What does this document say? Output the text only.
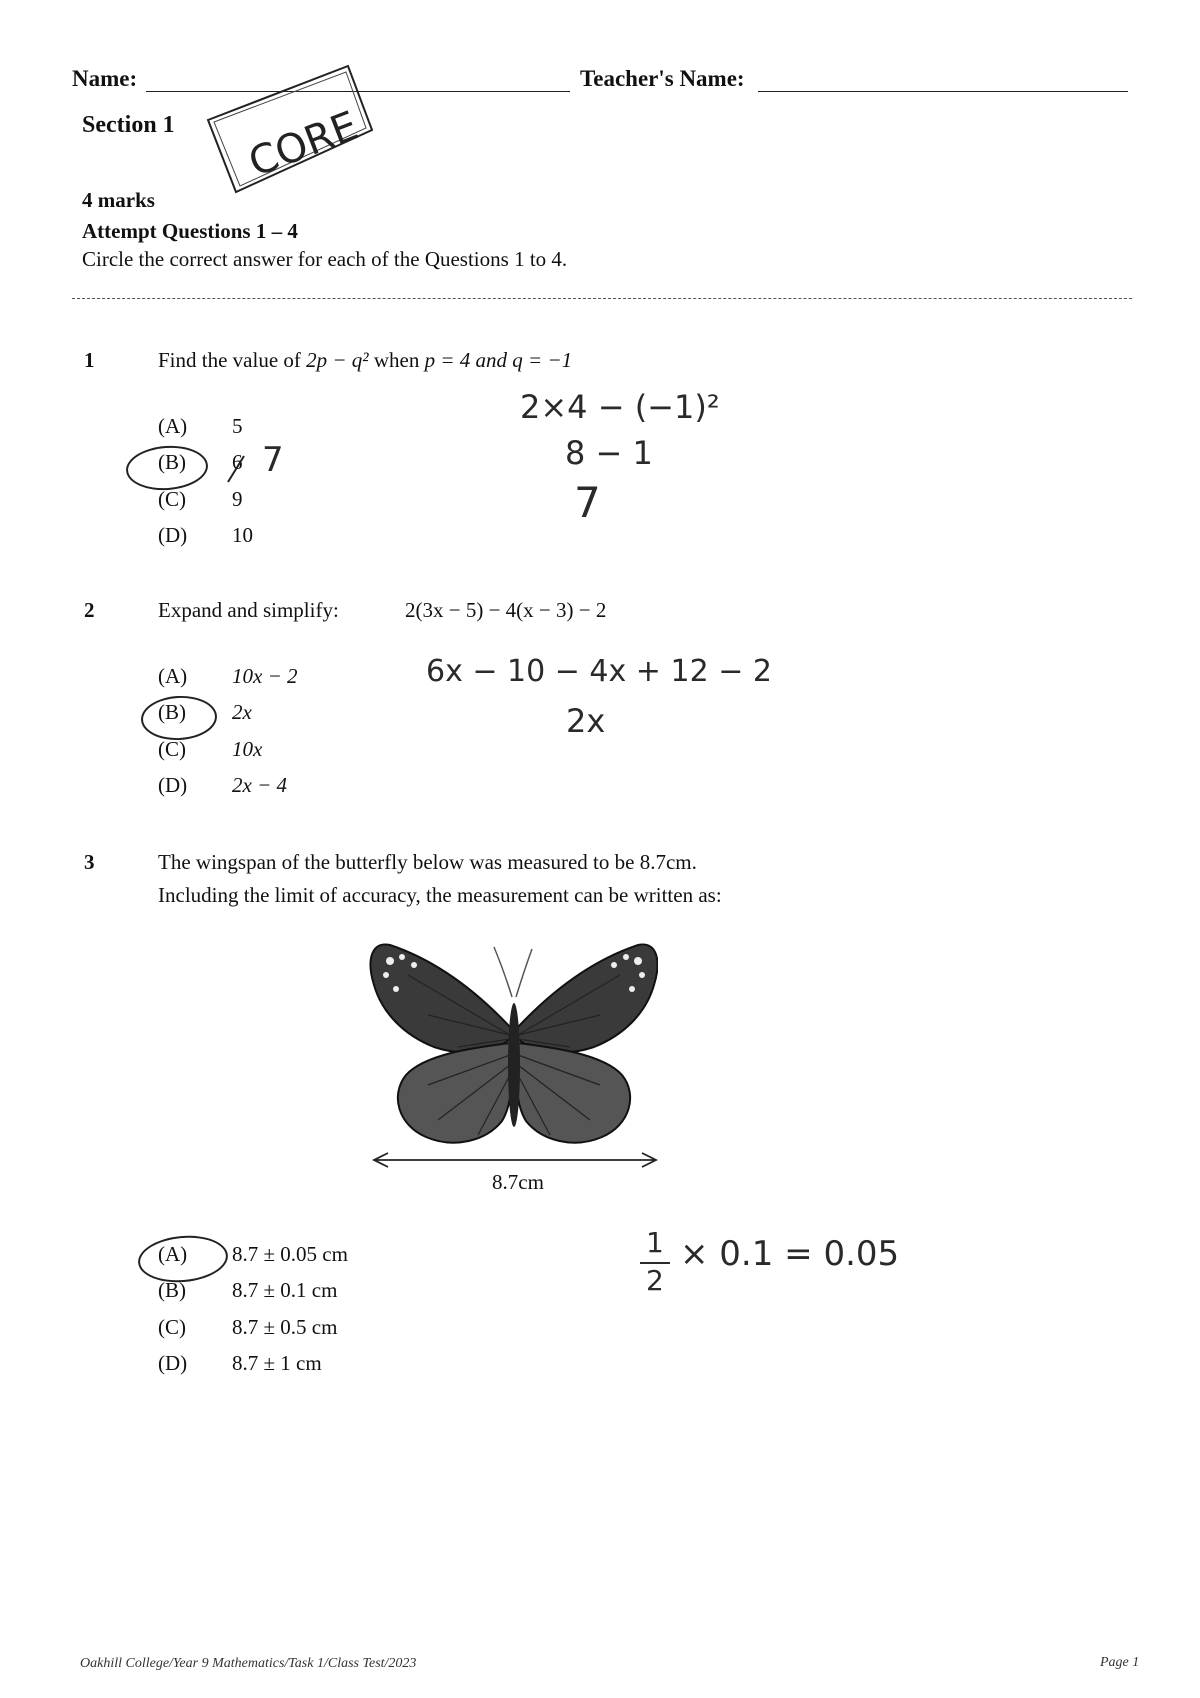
Name:	Teacher's Name:
Section 1 CORE
4 marks
Attempt Questions 1 – 4
Circle the correct answer for each of the Questions 1 to 4.
1	Find the value of 2p − q² when p = 4 and q = −1
(A) 5
(B) 6
(C) 9
(D) 10
7
2×4 − (−1)²
8 − 1
7
2	Expand and simplify:	2(3x − 5) − 4(x − 3) − 2
(A) 10x − 2
(B) 2x
(C) 10x
(D) 2x − 4
6x − 10 − 4x + 12 − 2
2x
3	The wingspan of the butterfly below was measured to be 8.7cm.
Including the limit of accuracy, the measurement can be written as:
8.7cm
(A) 8.7 ± 0.05 cm
(B) 8.7 ± 0.1 cm
(C) 8.7 ± 0.5 cm
(D) 8.7 ± 1 cm
1
2
× 0.1 = 0.05
Oakhill College/Year 9 Mathematics/Task 1/Class Test/2023	Page 1
